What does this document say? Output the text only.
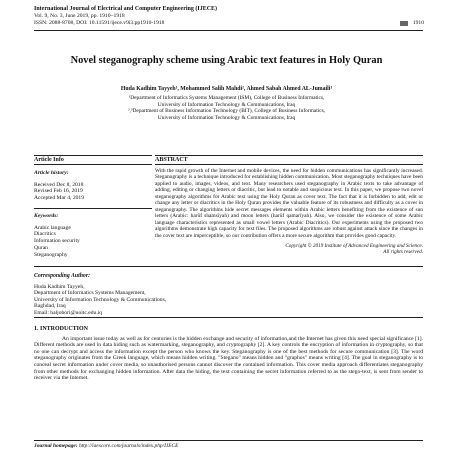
International Journal of Electrical and Computer Engineering (IJECE)
Vol. 9, No. 3, June 2019, pp. 1910~1918
ISSN: 2088-8708, DOI: 10.11591/ijece.v9i3.pp1910-1918	1910
Novel steganography scheme using Arabic text features in Holy Quran
Huda Kadhim Tayyeh¹, Mohammed Salih Mahdi², Ahmed Sabah Ahmed AL-Jumaili³
¹Department of Informatics Systems Management (ISM), College of Business Informatics,
University of Information Technology & Communications, Iraq
²,³Department of Business Information Technology (BIT), College of Business Informatics,
University of Information Technology & Communications, Iraq
Article Info
Article history:
Received Dec 8, 2018
Revised Feb 16, 2019
Accepted Mar 4, 2019
Keywords:
Arabic language
Diacritics
Information security
Quran
Steganography
ABSTRACT
With the rapid growth of the Internet and mobile devices, the need for hidden communications has significantly increased. Steganography is a technique introduced for establishing hidden communication. Most steganography techniques have been applied to audio, images, videos, and text. Many researchers used steganography in Arabic texts to take advantage of adding, editing or changing letters or diacritic, but lead to notable and suspicious text. In this paper, we propose two novel steganography algorithms for Arabic text using the Holy Quran as cover text. The fact that it is forbidden to add, edit or change any letter or diacritics in the Holy Quran provides the valuable feature of its robustness and difficulty as a cover in steganography. The algorithms hide secret messages elements within Arabic letters benefiting from the existence of sun letters (Arabic: harūf shamsīyah) and moon letters (harūf qamarīyah). Also, we consider the existence of some Arabic language characteristics represented as small vowel letters (Arabic Diacritics). Our experiments using the proposed two algorithms demonstrate high capacity for text files. The proposed algorithms are robust against attack since the changes in the cover text are imperceptible, so our contribution offers a more secure algorithm that provides good capacity.
Copyright © 2019 Institute of Advanced Engineering and Science.
All rights reserved.
Corresponding Author:
Huda Kadhim Tayyeh,
Department of Informatics Systems Management,
University of Information Technology & Communications,
Baghdad, Iraq
Email: haljobori@uoitc.edu.iq
1. INTRODUCTION
An important issue today as well as for centuries is the hidden exchange and security of information,and the Internet has given this need special significance [1]. Different methods are used in data hiding such as watermarking, steganography, and cryptography [2]. A key controls the encryption of information in cryptography, so that no one can decrypt and access the information except the person who knows the key. Steganography is one of the best methods for secure communication [3]. The word steganography originates from the Greek language, which means hidden writing. "Stegano" means hidden and "graphos" means writing [4]. The goal in steganography is to conceal secret information under cover media, so unauthorised persons cannot discover the contained information. This cover media approach differentiates steganography from other methods for exchanging hidden information. After data the hiding, the text containing the secret information referred to as the stego-text, is sent from sender to receiver via the Internet.
Journal homepage: http://iaescore.com/journals/index.php/IJECE
